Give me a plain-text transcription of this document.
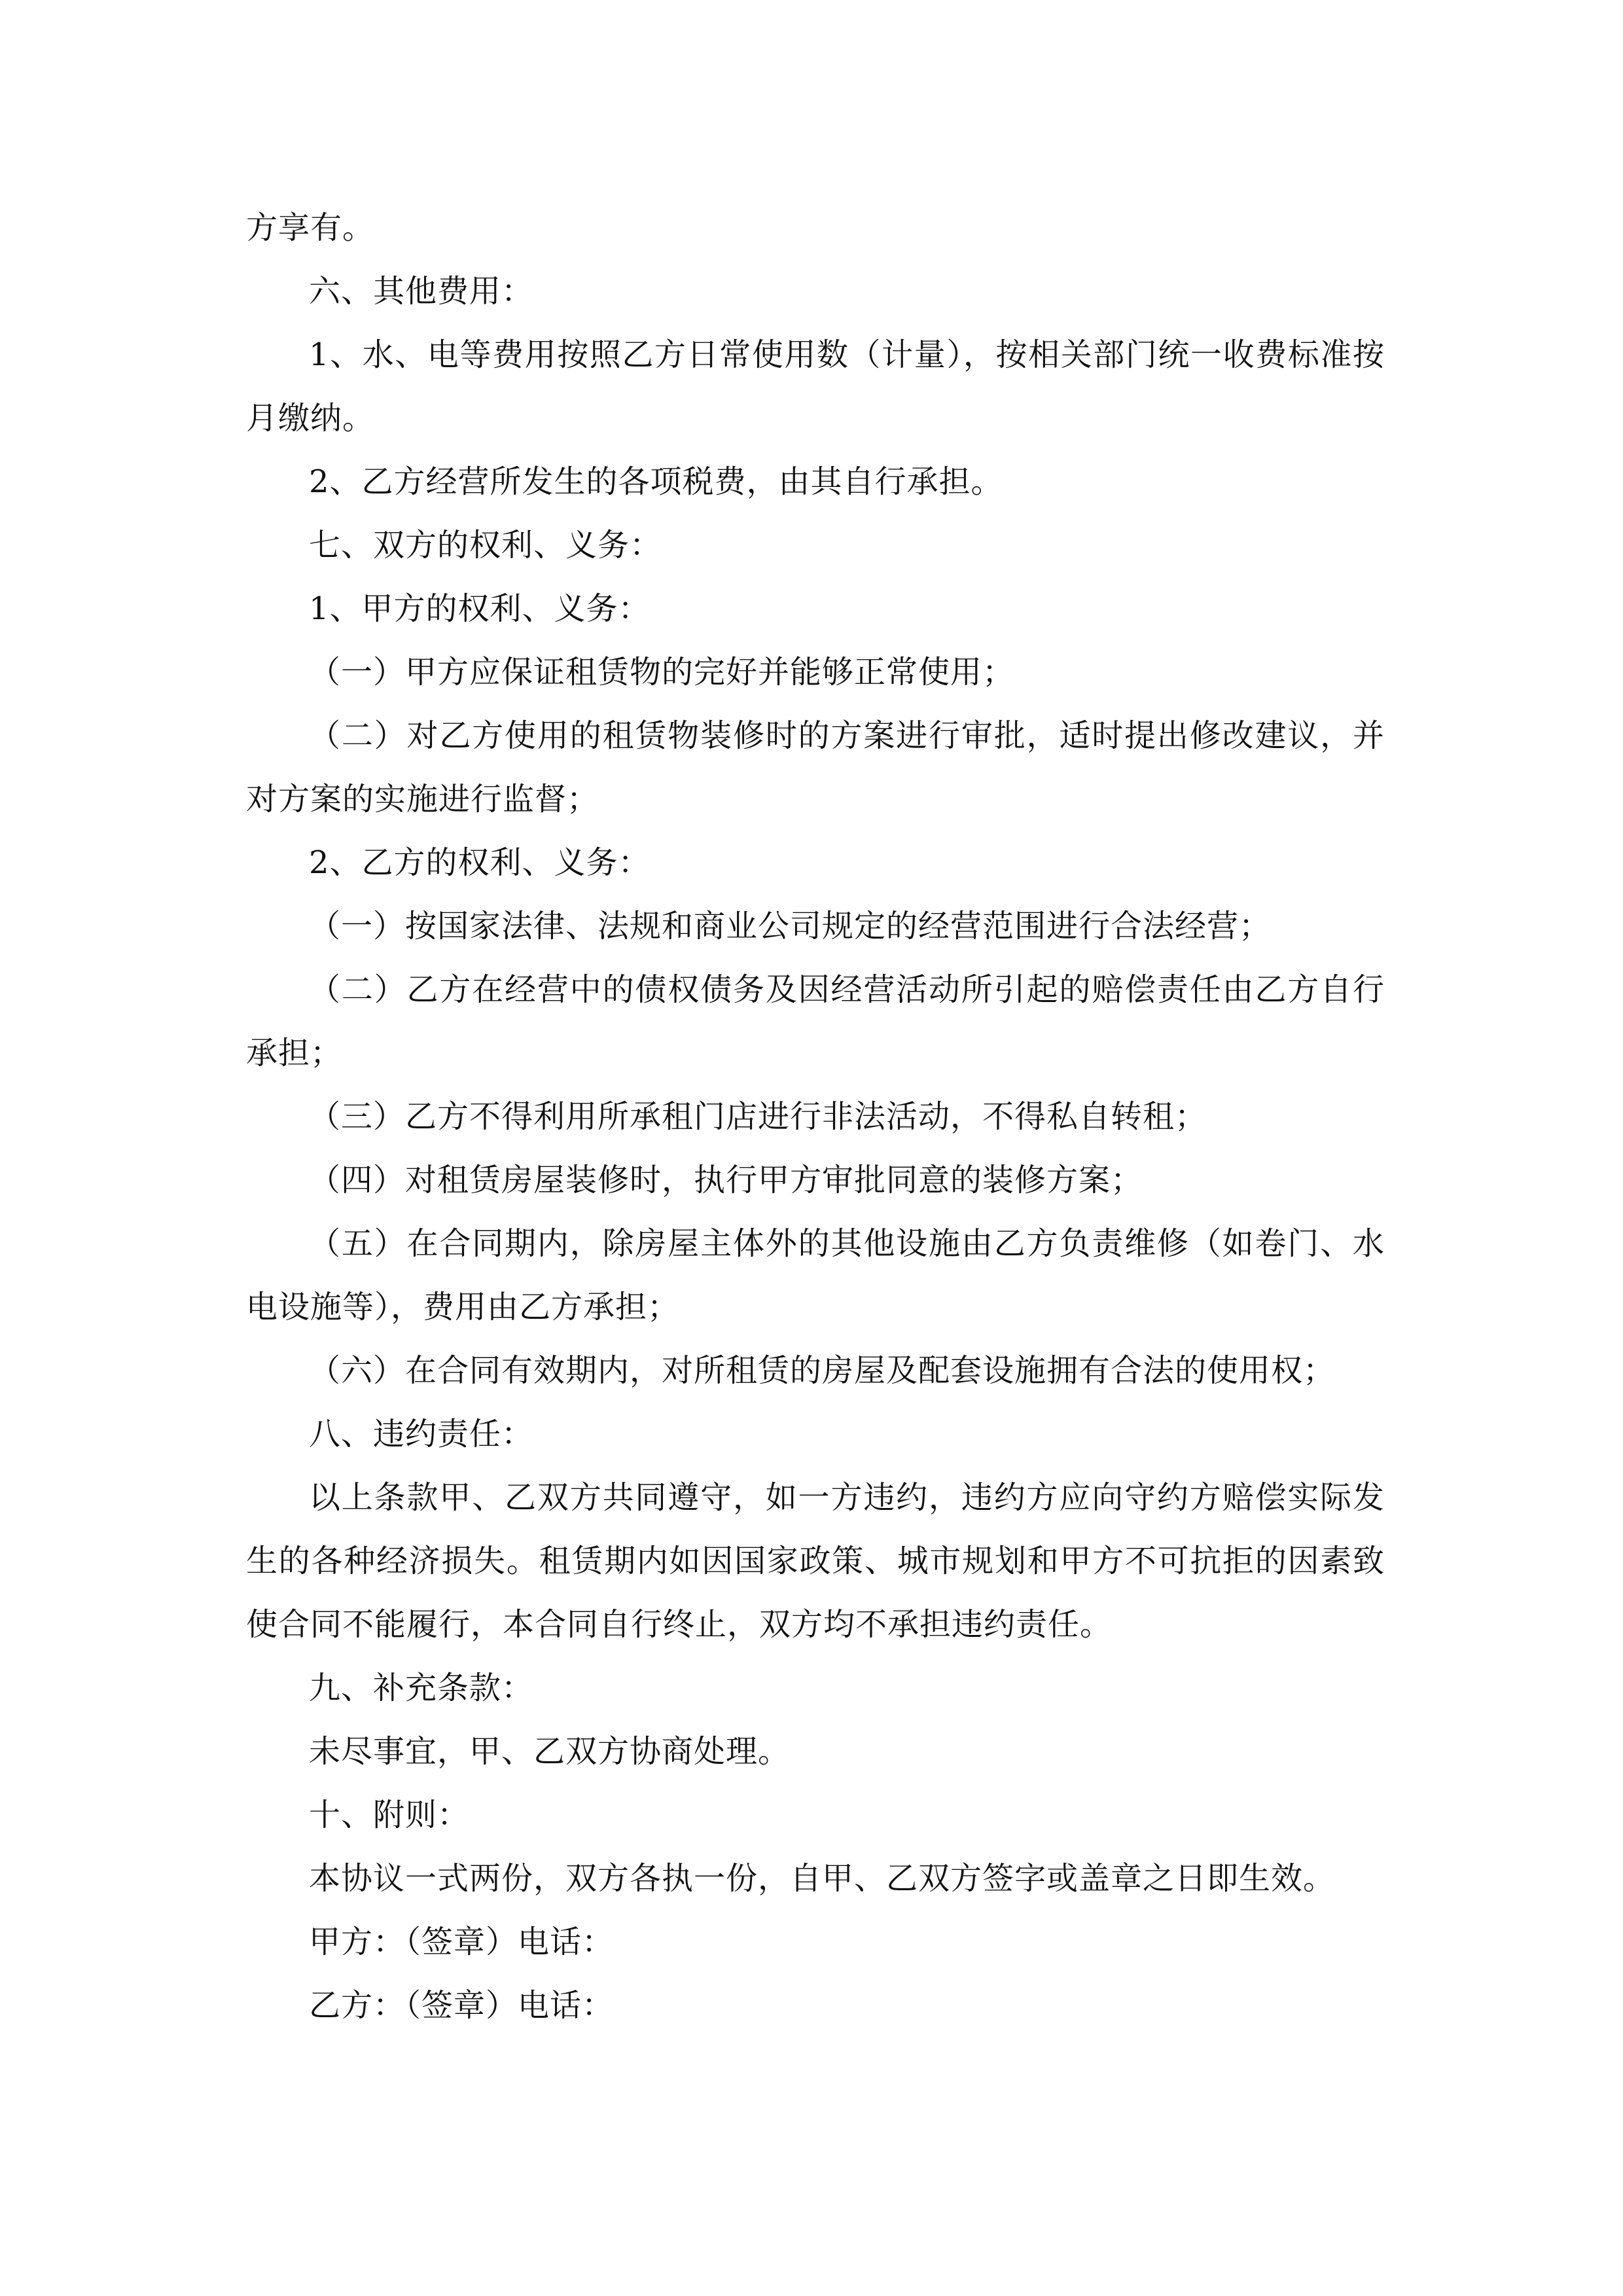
方享有。

六、其他费用：

1、水、电等费用按照乙方日常使用数（计量），按相关部门统一收费标准按月缴纳。

2、乙方经营所发生的各项税费，由其自行承担。

七、双方的权利、义务：

1、甲方的权利、义务：

（一）甲方应保证租赁物的完好并能够正常使用；

（二）对乙方使用的租赁物装修时的方案进行审批，适时提出修改建议，并对方案的实施进行监督；

2、乙方的权利、义务：

（一）按国家法律、法规和商业公司规定的经营范围进行合法经营；

（二）乙方在经营中的债权债务及因经营活动所引起的赔偿责任由乙方自行承担；

（三）乙方不得利用所承租门店进行非法活动，不得私自转租；

（四）对租赁房屋装修时，执行甲方审批同意的装修方案；

（五）在合同期内，除房屋主体外的其他设施由乙方负责维修（如卷门、水电设施等），费用由乙方承担；

（六）在合同有效期内，对所租赁的房屋及配套设施拥有合法的使用权；

八、违约责任：

以上条款甲、乙双方共同遵守，如一方违约，违约方应向守约方赔偿实际发生的各种经济损失。租赁期内如因国家政策、城市规划和甲方不可抗拒的因素致使合同不能履行，本合同自行终止，双方均不承担违约责任。

九、补充条款：

未尽事宜，甲、乙双方协商处理。

十、附则：

本协议一式两份，双方各执一份，自甲、乙双方签字或盖章之日即生效。

甲方：（签章）电话：

乙方：（签章）电话：
